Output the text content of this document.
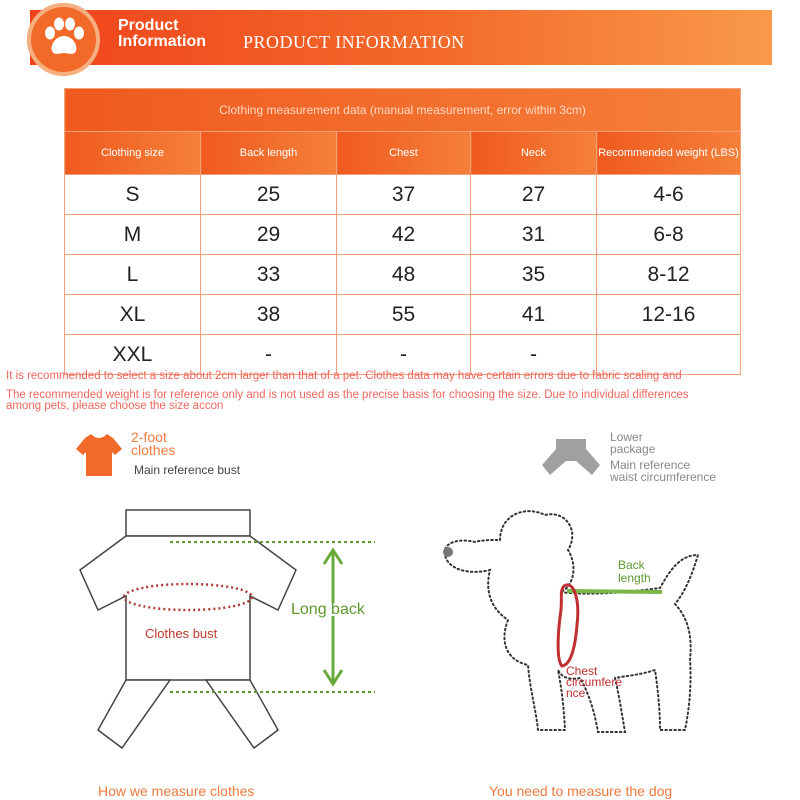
Product
Information PRODUCT INFORMATION
Clothing measurement data (manual measurement, error within 3cm)				
Clothing size	Back length	Chest	Neck	Recommended weight (LBS)
S	25	37	27	4-6
M	29	42	31	6-8
L	33	48	35	8-12
XL	38	55	41	12-16
XXL	-	-	-	
It is recommended to select a size about 2cm larger than that of a pet. Clothes data may have certain errors due to fabric scaling and
The recommended weight is for reference only and is not used as the precise basis for choosing the size. Due to individual differences
among pets, please choose the size accon
2-foot
clothes
Main reference bust
Lower
package
Main reference
waist circumference
Clothes bust
Long back
Back
length
Chest
circumfere
nce
How we measure clothes	You need to measure the dog
